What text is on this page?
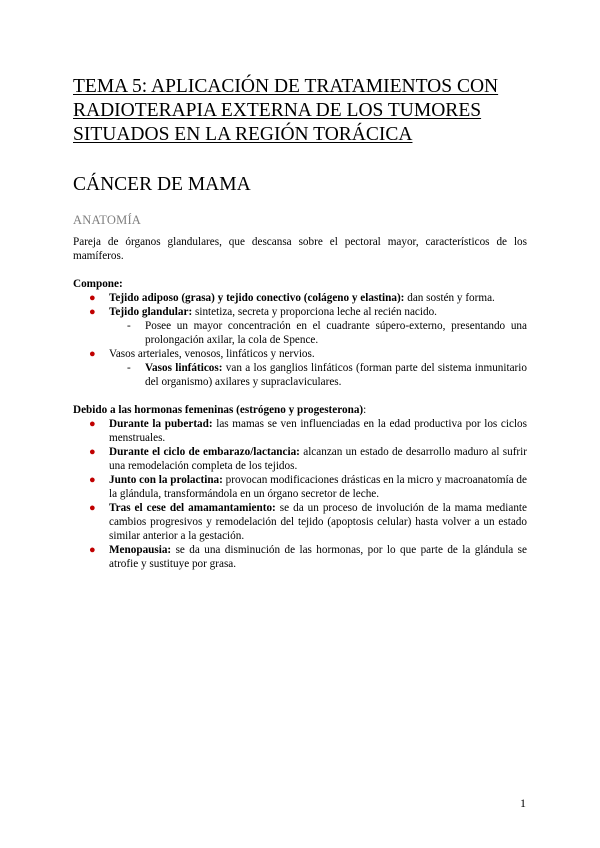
TEMA 5: APLICACIÓN DE TRATAMIENTOS CON RADIOTERAPIA EXTERNA DE LOS TUMORES SITUADOS EN LA REGIÓN TORÁCICA
CÁNCER DE MAMA
ANATOMÍA

Pareja de órganos glandulares, que descansa sobre el pectoral mayor, característicos de los mamíferos.

Compone:

● Tejido adiposo (grasa) y tejido conectivo (colágeno y elastina): dan sostén y forma.
● Tejido glandular: sintetiza, secreta y proporciona leche al recién nacido.
- Posee un mayor concentración en el cuadrante súpero-externo, presentando una prolongación axilar, la cola de Spence.
● Vasos arteriales, venosos, linfáticos y nervios.
- Vasos linfáticos: van a los ganglios linfáticos (forman parte del sistema inmunitario del organismo) axilares y supraclaviculares.

Debido a las hormonas femeninas (estrógeno y progesterona):

● Durante la pubertad: las mamas se ven influenciadas en la edad productiva por los ciclos menstruales.
● Durante el ciclo de embarazo/lactancia: alcanzan un estado de desarrollo maduro al sufrir una remodelación completa de los tejidos.
● Junto con la prolactina: provocan modificaciones drásticas en la micro y macroanatomía de la glándula, transformándola en un órgano secretor de leche.
● Tras el cese del amamantamiento: se da un proceso de involución de la mama mediante cambios progresivos y remodelación del tejido (apoptosis celular) hasta volver a un estado similar anterior a la gestación.
● Menopausia: se da una disminución de las hormonas, por lo que parte de la glándula se atrofie y sustituye por grasa.
1
